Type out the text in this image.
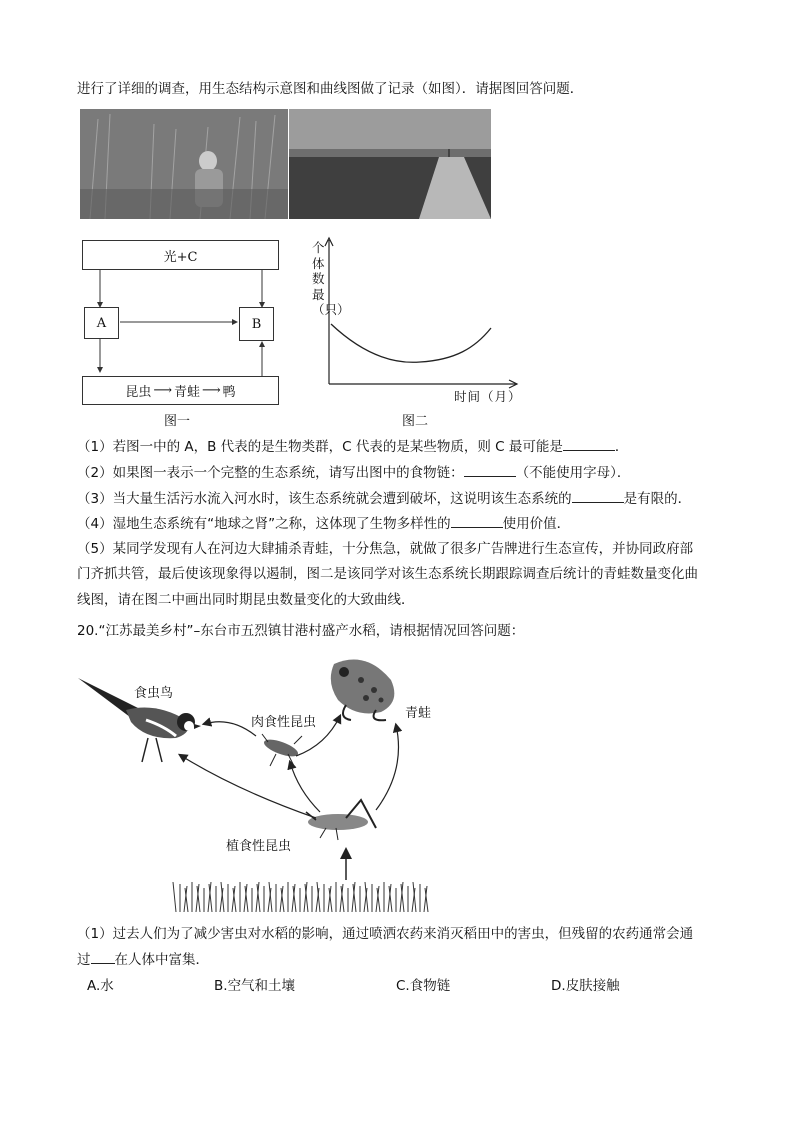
进行了详细的调查，用生态结构示意图和曲线图做了记录（如图）．请据图回答问题．
光+C
A	B
昆虫 ⟶ 青蛙 ⟶ 鸭
图一
个体数最（只）
时间（月）
图二
（1）若图一中的 A，B 代表的是生物类群，C 代表的是某些物质，则 C 最可能是	．
（2）如果图一表示一个完整的生态系统，请写出图中的食物链：	（不能使用字母）．
（3）当大量生活污水流入河水时，该生态系统就会遭到破坏，这说明该生态系统的	是有限的．
（4）湿地生态系统有“地球之肾”之称，这体现了生物多样性的	使用价值．
（5）某同学发现有人在河边大肆捕杀青蛙，十分焦急，就做了很多广告牌进行生态宣传，并协同政府部
门齐抓共管，最后使该现象得以遏制，图二是该同学对该生态系统长期跟踪调查后统计的青蛙数量变化曲
线图，请在图二中画出同时期昆虫数量变化的大致曲线．
20.“江苏最美乡村”–东台市五烈镇甘港村盛产水稻，请根据情况回答问题：
食虫鸟
肉食性昆虫
青蛙
植食性昆虫
（1）过去人们为了减少害虫对水稻的影响，通过喷洒农药来消灭稻田中的害虫，但残留的农药通常会通
过 在人体中富集．
A.水	B.空气和土壤	C.食物链	D.皮肤接触
